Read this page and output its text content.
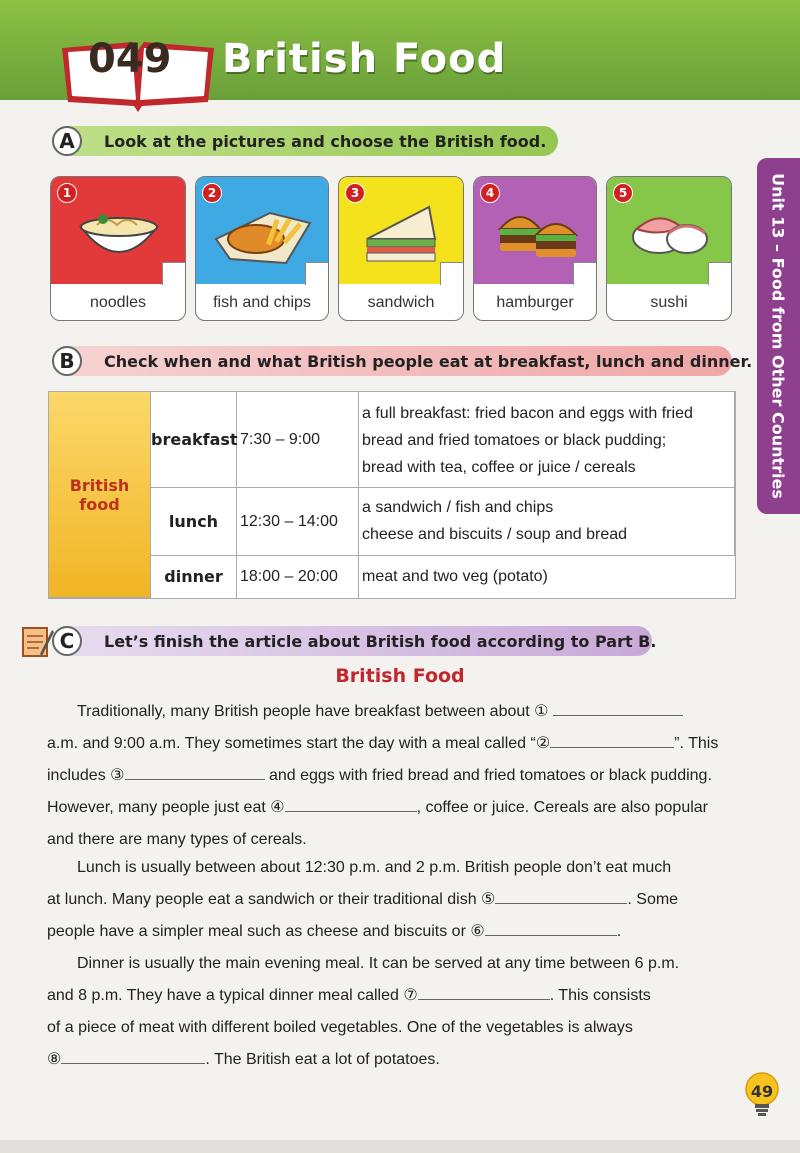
049 British Food
Unit 13 – Food from Other Countries
A	Look at the pictures and choose the British food.
1
noodles
2
fish and chips
3
sandwich
4
hamburger
5
sushi
B	Check when and what British people eat at breakfast, lunch and dinner.
British
food
breakfast 7:30 – 9:00
a full breakfast: fried bacon and eggs with fried
bread and fried tomatoes or black pudding;
bread with tea, coffee or juice / cereals
lunch	12:30 – 14:00
a sandwich / fish and chips
cheese and biscuits / soup and bread
dinner	18:00 – 20:00	meat and two veg (potato)
C	Let’s finish the article about British food according to Part B.
British Food

Traditionally, many British people have breakfast between about ①

a.m. and 9:00 a.m. They sometimes start the day with a meal called “②	”. This

includes ③	and eggs with fried bread and fried tomatoes or black pudding.

However, many people just eat ④	, coffee or juice. Cereals are also popular

and there are many types of cereals.

Lunch is usually between about 12:30 p.m. and 2 p.m. British people don’t eat much

at lunch. Many people eat a sandwich or their traditional dish ⑤	. Some

people have a simpler meal such as cheese and biscuits or ⑥	.

Dinner is usually the main evening meal. It can be served at any time between 6 p.m.

and 8 p.m. They have a typical dinner meal called ⑦	. This consists

of a piece of meat with different boiled vegetables. One of the vegetables is always

⑧	. The British eat a lot of potatoes.

49
